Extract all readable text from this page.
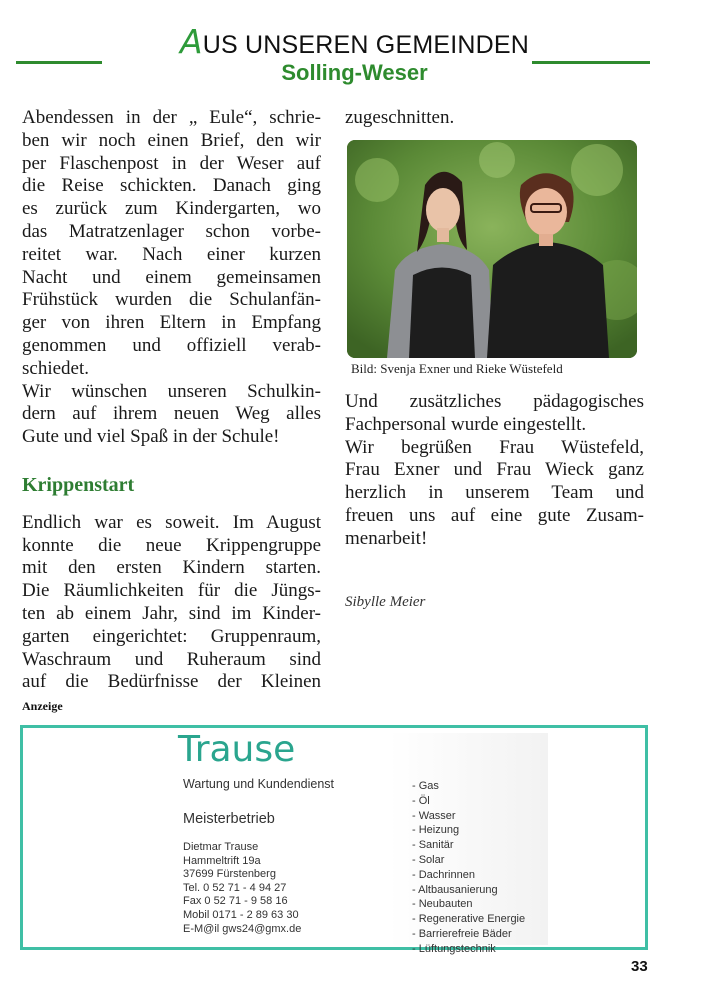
AUS UNSEREN GEMEINDEN
Solling-Weser

Abendessen in der „ Eule“, schrie-

ben wir noch einen Brief, den wir

per Flaschenpost in der Weser auf

die Reise schickten. Danach ging

es zurück zum Kindergarten, wo

das Matratzenlager schon vorbe-

reitet war. Nach einer kurzen

Nacht und einem gemeinsamen

Frühstück wurden die Schulanfän-

ger von ihren Eltern in Empfang

genommen und offiziell verab-

schiedet.

Wir wünschen unseren Schulkin-

dern auf ihrem neuen Weg alles

Gute und viel Spaß in der Schule!

Krippenstart

Endlich war es soweit. Im August

konnte die neue Krippengruppe

mit den ersten Kindern starten.

Die Räumlichkeiten für die Jüngs-

ten ab einem Jahr, sind im Kinder-

garten eingerichtet: Gruppenraum,

Waschraum und Ruheraum sind

auf die Bedürfnisse der Kleinen

zugeschnitten.

Bild: Svenja Exner und Rieke Wüstefeld

Und zusätzliches pädagogisches

Fachpersonal wurde eingestellt.

Wir begrüßen Frau Wüstefeld,

Frau Exner und Frau Wieck ganz

herzlich in unserem Team und

freuen uns auf eine gute Zusam-

menarbeit!

Sibylle Meier
Anzeige
Trause
Wartung und Kundendienst
Meisterbetrieb
Dietmar Trause
Hammeltrift 19a
37699 Fürstenberg
Tel. 0 52 71 - 4 94 27
Fax 0 52 71 - 9 58 16
Mobil 0171 - 2 89 63 30
E-M@il gws24@gmx.de
- Gas
- Öl
- Wasser
- Heizung
- Sanitär
- Solar
- Dachrinnen
- Altbausanierung
- Neubauten
- Regenerative Energie
- Barrierefreie Bäder
- Lüftungstechnik
33
